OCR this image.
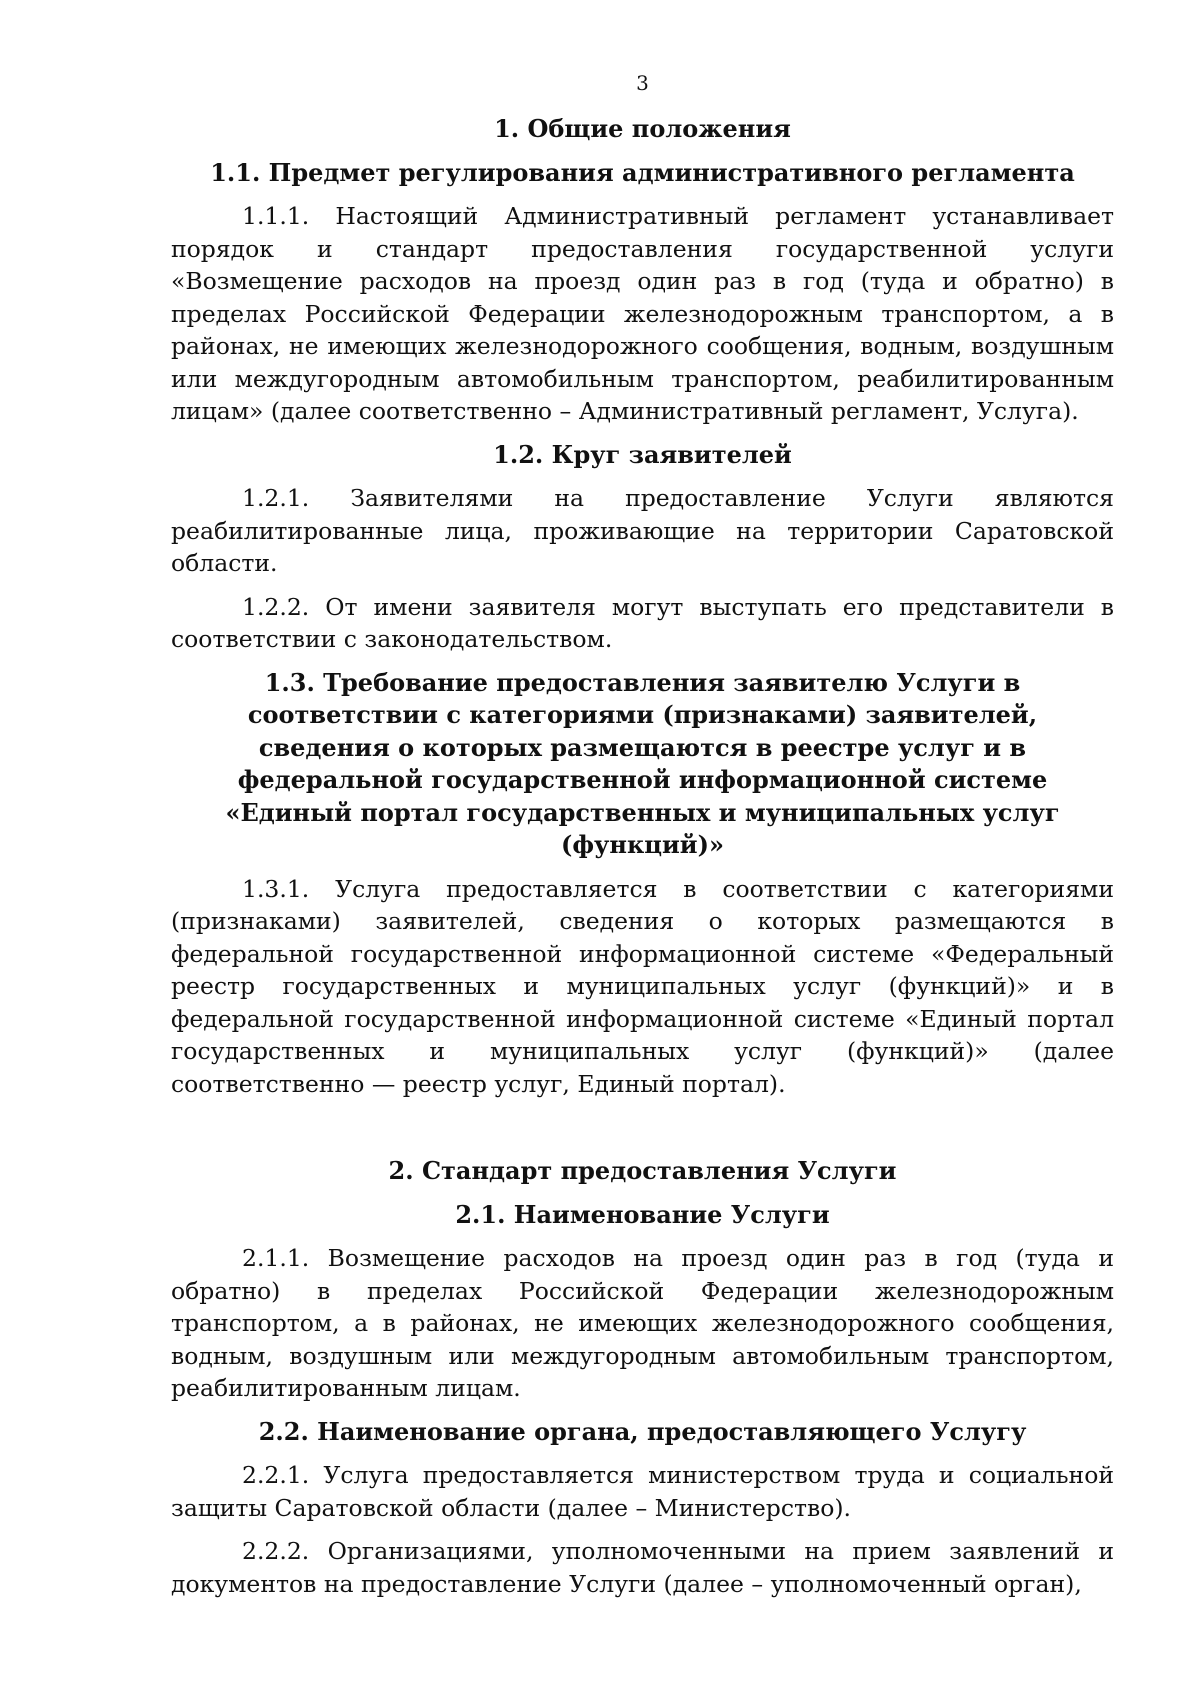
3
1. Общие положения
1.1. Предмет регулирования административного регламента

1.1.1. Настоящий Административный регламент устанавливает порядок и стандарт предоставления государственной услуги «Возмещение расходов на проезд один раз в год (туда и обратно) в пределах Российской Федерации железнодорожным транспортом, а в районах, не имеющих железнодорожного сообщения, водным, воздушным или междугородным автомобильным транспортом, реабилитированным лицам» (далее соответственно – Административный регламент, Услуга).

1.2. Круг заявителей

1.2.1. Заявителями на предоставление Услуги являются реабилитированные лица, проживающие на территории Саратовской области.

1.2.2. От имени заявителя могут выступать его представители в соответствии с законодательством.

1.3. Требование предоставления заявителю Услуги в соответствии с категориями (признаками) заявителей, сведения о которых размещаются в реестре услуг и в федеральной государственной информационной системе «Единый портал государственных и муниципальных услуг (функций)»

1.3.1. Услуга предоставляется в соответствии с категориями (признаками) заявителей, сведения о которых размещаются в федеральной государственной информационной системе «Федеральный реестр государственных и муниципальных услуг (функций)» и в федеральной государственной информационной системе «Единый портал государственных и муниципальных услуг (функций)» (далее соответственно — реестр услуг, Единый портал).

2. Стандарт предоставления Услуги
2.1. Наименование Услуги

2.1.1. Возмещение расходов на проезд один раз в год (туда и обратно) в пределах Российской Федерации железнодорожным транспортом, а в районах, не имеющих железнодорожного сообщения, водным, воздушным или междугородным автомобильным транспортом, реабилитированным лицам.

2.2. Наименование органа, предоставляющего Услугу

2.2.1. Услуга предоставляется министерством труда и социальной защиты Саратовской области (далее – Министерство).

2.2.2. Организациями, уполномоченными на прием заявлений и документов на предоставление Услуги (далее – уполномоченный орган),
